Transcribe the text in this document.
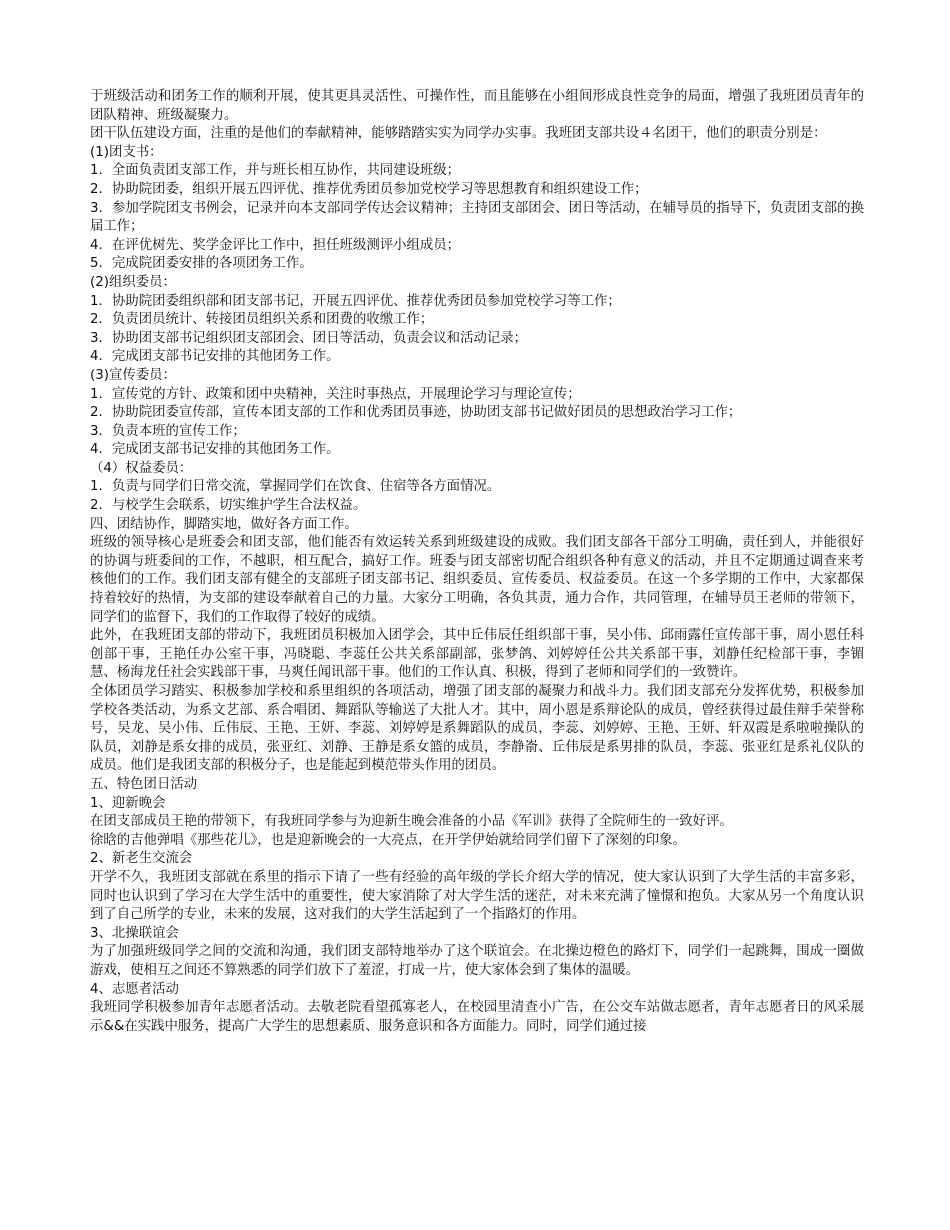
于班级活动和团务工作的顺利开展，使其更具灵活性、可操作性，而且能够在小组间形成良性竞争的局面，增强了我班团员青年的团队精神、班级凝聚力。
团干队伍建设方面，注重的是他们的奉献精神，能够踏踏实实为同学办实事。我班团支部共设４名团干，他们的职责分别是：
(1)团支书：
1．全面负责团支部工作，并与班长相互协作，共同建设班级；
2．协助院团委，组织开展五四评优、推荐优秀团员参加党校学习等思想教育和组织建设工作；
3．参加学院团支书例会，记录并向本支部同学传达会议精神；主持团支部团会、团日等活动，在辅导员的指导下，负责团支部的换届工作；
4．在评优树先、奖学金评比工作中，担任班级测评小组成员；
5．完成院团委安排的各项团务工作。
(2)组织委员：
1．协助院团委组织部和团支部书记，开展五四评优、推荐优秀团员参加党校学习等工作；
2．负责团员统计、转接团员组织关系和团费的收缴工作；
3．协助团支部书记组织团支部团会、团日等活动，负责会议和活动记录；
4．完成团支部书记安排的其他团务工作。
(3)宣传委员：
1．宣传党的方针、政策和团中央精神，关注时事热点，开展理论学习与理论宣传；
2．协助院团委宣传部，宣传本团支部的工作和优秀团员事迹，协助团支部书记做好团员的思想政治学习工作；
3．负责本班的宣传工作；
4．完成团支部书记安排的其他团务工作。
（4）权益委员：
1．负责与同学们日常交流，掌握同学们在饮食、住宿等各方面情况。
2．与校学生会联系，切实维护学生合法权益。
四、团结协作，脚踏实地，做好各方面工作。
班级的领导核心是班委会和团支部，他们能否有效运转关系到班级建设的成败。我们团支部各干部分工明确，责任到人，并能很好的协调与班委间的工作，不越职，相互配合，搞好工作。班委与团支部密切配合组织各种有意义的活动，并且不定期通过调查来考核他们的工作。我们团支部有健全的支部班子团支部书记、组织委员、宣传委员、权益委员。在这一个多学期的工作中，大家都保持着较好的热情，为支部的建设奉献着自己的力量。大家分工明确，各负其责，通力合作，共同管理，在辅导员王老师的带领下，同学们的监督下，我们的工作取得了较好的成绩。
此外，在我班团支部的带动下，我班团员积极加入团学会，其中丘伟辰任组织部干事，吴小伟、邱雨露任宣传部干事，周小恩任科创部干事，王艳任办公室干事，冯晓聪、李蕊任公共关系部副部，张梦鸽、刘婷婷任公共关系部干事，刘静任纪检部干事，李镅慧、杨海龙任社会实践部干事，马爽任闻讯部干事。他们的工作认真、积极，得到了老师和同学们的一致赞许。
全体团员学习踏实、积极参加学校和系里组织的各项活动，增强了团支部的凝聚力和战斗力。我们团支部充分发挥优势，积极参加学校各类活动，为系文艺部、系合唱团、舞蹈队等输送了大批人才。其中，周小恩是系辩论队的成员，曾经获得过最佳辩手荣誉称号，吴龙、吴小伟、丘伟辰、王艳、王妍、李蕊、刘婷婷是系舞蹈队的成员，李蕊、刘婷婷、王艳、王妍、轩双霞是系啦啦操队的队员，刘静是系女排的成员，张亚红、刘静、王静是系女篮的成员，李静嵛、丘伟辰是系男排的队员，李蕊、张亚红是系礼仪队的成员。他们是我团支部的积极分子，也是能起到模范带头作用的团员。
五、特色团日活动
1、迎新晚会
在团支部成员王艳的带领下，有我班同学参与为迎新生晚会准备的小品《军训》获得了全院师生的一致好评。
徐晗的吉他弹唱《那些花儿》，也是迎新晚会的一大亮点，在开学伊始就给同学们留下了深刻的印象。
2、新老生交流会
开学不久，我班团支部就在系里的指示下请了一些有经验的高年级的学长介绍大学的情况，使大家认识到了大学生活的丰富多彩，同时也认识到了学习在大学生活中的重要性，使大家消除了对大学生活的迷茫，对未来充满了憧憬和抱负。大家从另一个角度认识到了自己所学的专业，未来的发展，这对我们的大学生活起到了一个指路灯的作用。
3、北操联谊会
为了加强班级同学之间的交流和沟通，我们团支部特地举办了这个联谊会。在北操边橙色的路灯下，同学们一起跳舞，围成一圈做游戏，使相互之间还不算熟悉的同学们放下了羞涩，打成一片，使大家体会到了集体的温暖。
4、志愿者活动
我班同学积极参加青年志愿者活动。去敬老院看望孤寡老人，在校园里清查小广告，在公交车站做志愿者，青年志愿者日的风采展示&&在实践中服务，提高广大学生的思想素质、服务意识和各方面能力。同时，同学们通过接
